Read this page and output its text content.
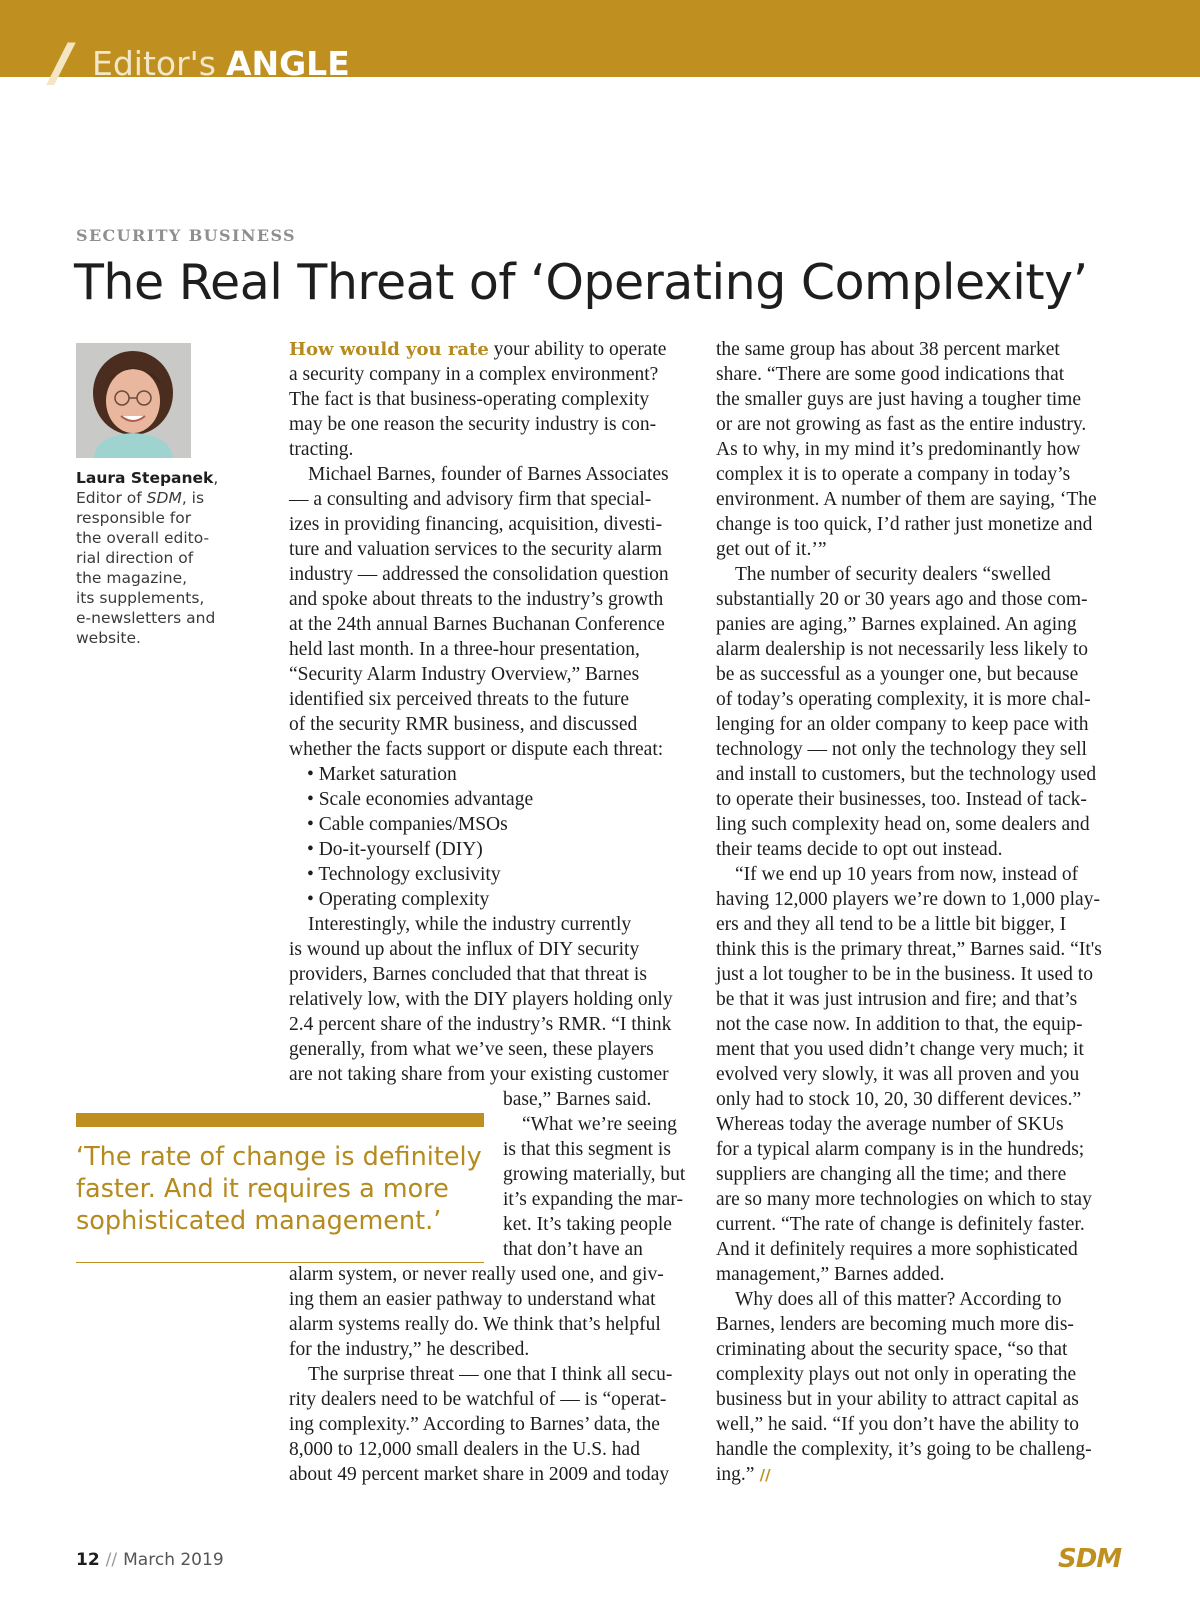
// Editor's ANGLE
SECURITY BUSINESS
The Real Threat of ‘Operating Complexity’
Laura Stepanek,
Editor of SDM, is
responsible for
the overall edito-
rial direction of
the magazine,
its supplements,
e-newsletters and
website.
How would you rate your ability to operate
a security company in a complex environment?
The fact is that business-operating complexity
may be one reason the security industry is con-
tracting.
Michael Barnes, founder of Barnes Associates
— a consulting and advisory firm that special-
izes in providing financing, acquisition, divesti-
ture and valuation services to the security alarm
industry — addressed the consolidation question
and spoke about threats to the industry’s growth
at the 24th annual Barnes Buchanan Conference
held last month. In a three-hour presentation,
“Security Alarm Industry Overview,” Barnes
identified six perceived threats to the future
of the security RMR business, and discussed
whether the facts support or dispute each threat:
• Market saturation
• Scale economies advantage
• Cable companies/MSOs
• Do-it-yourself (DIY)
• Technology exclusivity
• Operating complexity
Interestingly, while the industry currently
is wound up about the influx of DIY security
providers, Barnes concluded that that threat is
relatively low, with the DIY players holding only
2.4 percent share of the industry’s RMR. “I think
generally, from what we’ve seen, these players
are not taking share from your existing customer
base,” Barnes said.
“What we’re seeing
is that this segment is
growing materially, but
it’s expanding the mar-
ket. It’s taking people
that don’t have an
alarm system, or never really used one, and giv-
ing them an easier pathway to understand what
alarm systems really do. We think that’s helpful
for the industry,” he described.
The surprise threat — one that I think all secu-
rity dealers need to be watchful of — is “operat-
ing complexity.” According to Barnes’ data, the
8,000 to 12,000 small dealers in the U.S. had
about 49 percent market share in 2009 and today
the same group has about 38 percent market
share. “There are some good indications that
the smaller guys are just having a tougher time
or are not growing as fast as the entire industry.
As to why, in my mind it’s predominantly how
complex it is to operate a company in today’s
environment. A number of them are saying, ‘The
change is too quick, I’d rather just monetize and
get out of it.’”
The number of security dealers “swelled
substantially 20 or 30 years ago and those com-
panies are aging,” Barnes explained. An aging
alarm dealership is not necessarily less likely to
be as successful as a younger one, but because
of today’s operating complexity, it is more chal-
lenging for an older company to keep pace with
technology — not only the technology they sell
and install to customers, but the technology used
to operate their businesses, too. Instead of tack-
ling such complexity head on, some dealers and
their teams decide to opt out instead.
“If we end up 10 years from now, instead of
having 12,000 players we’re down to 1,000 play-
ers and they all tend to be a little bit bigger, I
think this is the primary threat,” Barnes said. “It's
just a lot tougher to be in the business. It used to
be that it was just intrusion and fire; and that’s
not the case now. In addition to that, the equip-
ment that you used didn’t change very much; it
evolved very slowly, it was all proven and you
only had to stock 10, 20, 30 different devices.”
Whereas today the average number of SKUs
for a typical alarm company is in the hundreds;
suppliers are changing all the time; and there
are so many more technologies on which to stay
current. “The rate of change is definitely faster.
And it definitely requires a more sophisticated
management,” Barnes added.
Why does all of this matter? According to
Barnes, lenders are becoming much more dis-
criminating about the security space, “so that
complexity plays out not only in operating the
business but in your ability to attract capital as
well,” he said. “If you don’t have the ability to
handle the complexity, it’s going to be challeng-
ing.” //
‘The rate of change is definitely
faster. And it requires a more
sophisticated management.’
12 // March 2019	SDM
